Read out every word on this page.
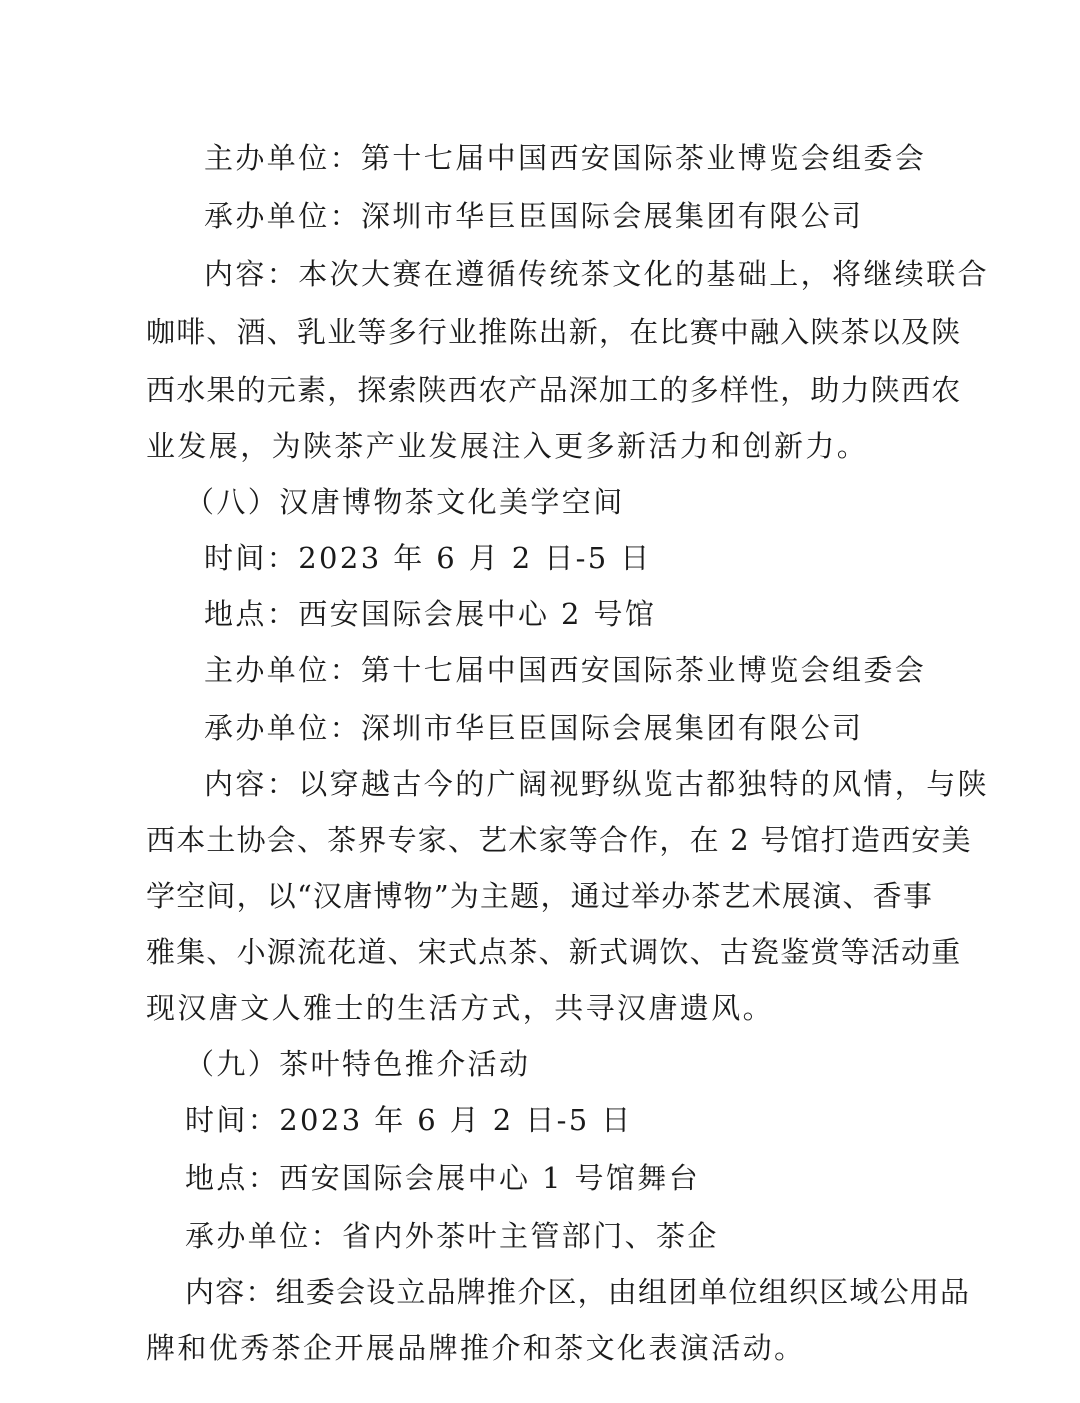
主办单位：第十七届中国西安国际茶业博览会组委会
承办单位：深圳市华巨臣国际会展集团有限公司
内容：本次大赛在遵循传统茶文化的基础上，将继续联合
咖啡、酒、乳业等多行业推陈出新，在比赛中融入陕茶以及陕
西水果的元素，探索陕西农产品深加工的多样性，助力陕西农
业发展，为陕茶产业发展注入更多新活力和创新力。
（八）汉唐博物茶文化美学空间
时间：2023 年 6 月 2 日-5 日
地点：西安国际会展中心 2 号馆
主办单位：第十七届中国西安国际茶业博览会组委会
承办单位：深圳市华巨臣国际会展集团有限公司
内容：以穿越古今的广阔视野纵览古都独特的风情，与陕
西本土协会、茶界专家、艺术家等合作，在 2 号馆打造西安美
学空间，以“汉唐博物”为主题，通过举办茶艺术展演、香事
雅集、小源流花道、宋式点茶、新式调饮、古瓷鉴赏等活动重
现汉唐文人雅士的生活方式，共寻汉唐遗风。
（九）茶叶特色推介活动
时间：2023 年 6 月 2 日-5 日
地点：西安国际会展中心 1 号馆舞台
承办单位：省内外茶叶主管部门、茶企
内容：组委会设立品牌推介区，由组团单位组织区域公用品
牌和优秀茶企开展品牌推介和茶文化表演活动。
